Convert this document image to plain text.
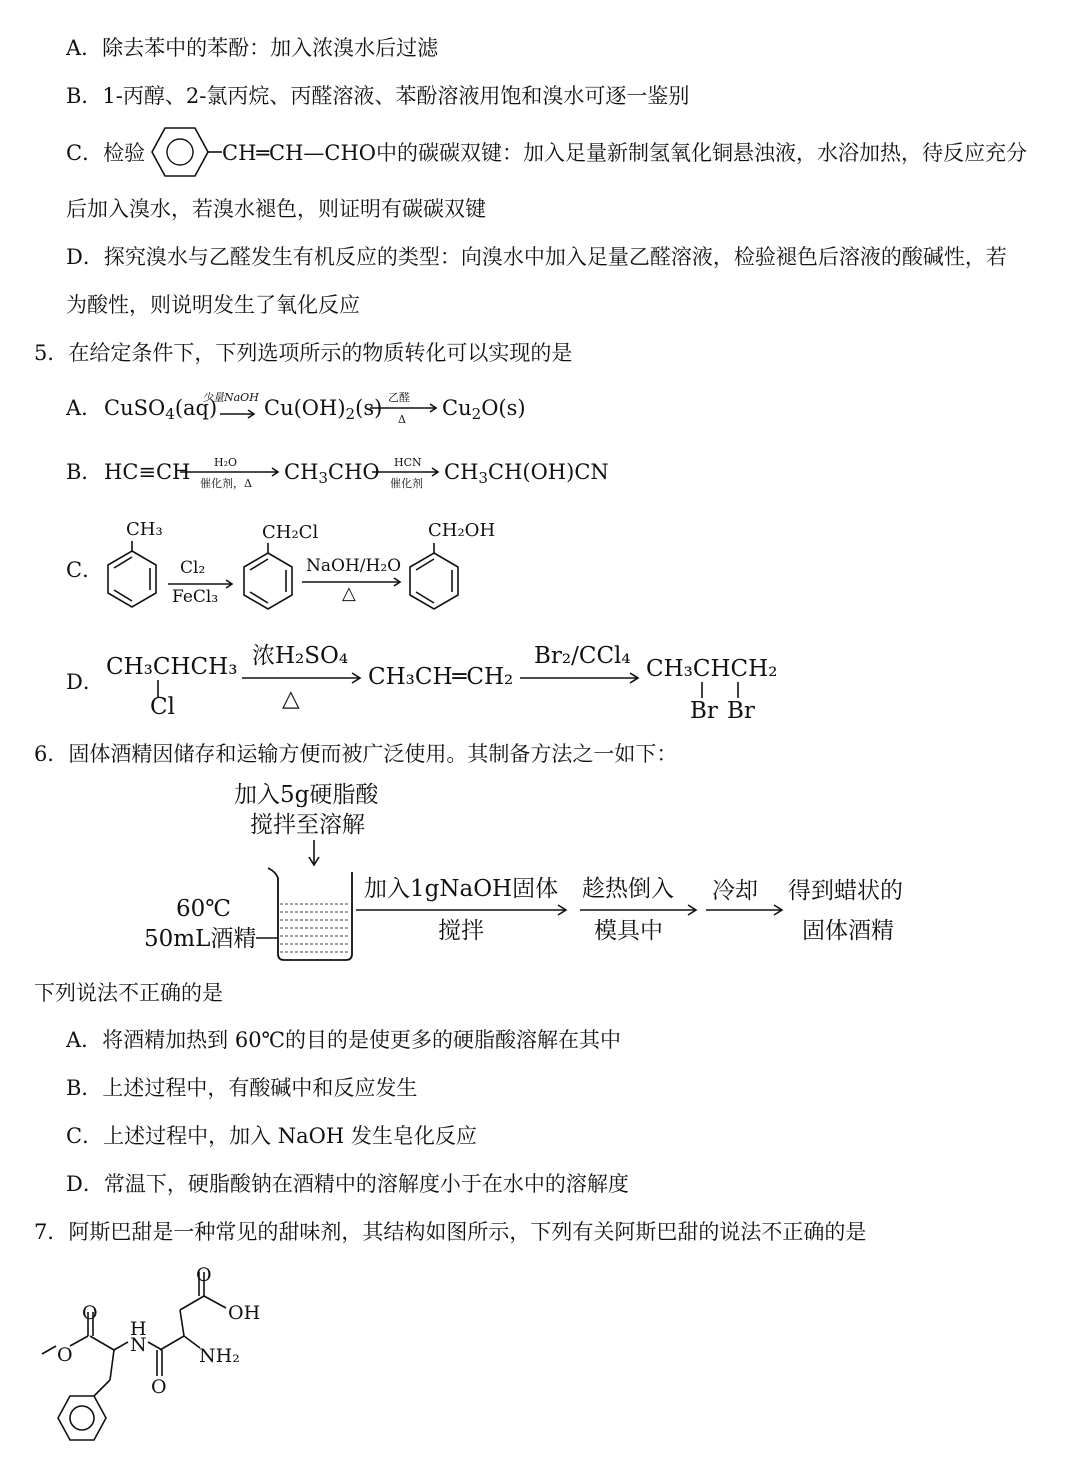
A．除去苯中的苯酚：加入浓溴水后过滤
B．1-丙醇、2-氯丙烷、丙醛溶液、苯酚溶液用饱和溴水可逐一鉴别
C．检验	CH═CH—CHO 中的碳碳双键：加入足量新制氢氧化铜悬浊液，水浴加热，待反应充分
后加入溴水，若溴水褪色，则证明有碳碳双键
D．探究溴水与乙醛发生有机反应的类型：向溴水中加入足量乙醛溶液，检验褪色后溶液的酸碱性，若
为酸性，则说明发生了氧化反应
5．在给定条件下，下列选项所示的物质转化可以实现的是
A． CuSO$_4$(aq)
少量NaOH $Cu(OH)_2(s)$ 乙醛
Δ $Cu_2O(s)$
B． HC≡CH H₂O
催化剂，Δ $CH_3CHO$ HCN
催化剂 $CH_3CH(OH)CN$
C．
CH₃
Cl₂
FeCl₃
CH₂Cl
NaOH/H₂O
△
CH₂OH
D．
CH₃CHCH₃
Cl
浓H₂SO₄
△
CH₃CH═CH₂
Br₂/CCl₄ CH₃CHCH₂
Br Br
6．固体酒精因储存和运输方便而被广泛使用。其制备方法之一如下：
加入5g硬脂酸
搅拌至溶解
60℃
50mL酒精
加入1gNaOH固体
搅拌
趁热倒入
模具中
冷却 得到蜡状的
固体酒精
下列说法不正确的是
A．将酒精加热到 60℃的目的是使更多的硬脂酸溶解在其中
B．上述过程中，有酸碱中和反应发生
C．上述过程中，加入 NaOH 发生皂化反应
D．常温下，硬脂酸钠在酒精中的溶解度小于在水中的溶解度
7．阿斯巴甜是一种常见的甜味剂，其结构如图所示，下列有关阿斯巴甜的说法不正确的是
O
O
H
N
O
NH₂
O
OH
